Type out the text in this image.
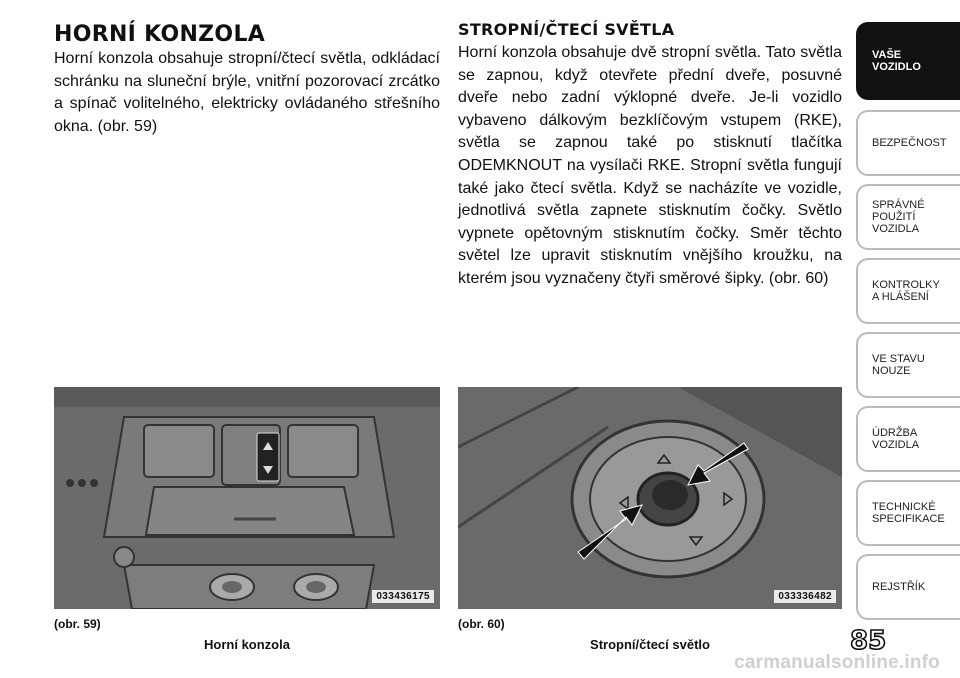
HORNÍ KONZOLA

Horní konzola obsahuje stropní/čtecí světla, odkládací schránku na sluneční brýle, vnitřní pozorovací zrcátko a spínač volitelného, elektricky ovládaného střešního okna. (obr. 59)

STROPNÍ/ČTECÍ SVĚTLA

Horní konzola obsahuje dvě stropní světla. Tato světla se zapnou, když otevřete přední dveře, posuvné dveře nebo zadní výklopné dveře. Je-li vozidlo vybaveno dálkovým bezklíčovým vstupem (RKE), světla se zapnou také po stisknutí tlačítka ODEMKNOUT na vysílači RKE. Stropní světla fungují také jako čtecí světla. Když se nacházíte ve vozidle, jednotlivá světla zapnete stisknutím čočky. Světlo vypnete opětovným stisknutím čočky. Směr těchto světel lze upravit stisknutím vnějšího kroužku, na kterém jsou vyznačeny čtyři směrové šipky. (obr. 60)

033436175	033336482
(obr. 59)
Horní konzola
(obr. 60)
Stropní/čtecí světlo	85
VAŠE
VOZIDLO
BEZPEČNOST
SPRÁVNÉ
POUŽITÍ
VOZIDLA
KONTROLKY
A HLÁŠENÍ
VE STAVU
NOUZE
ÚDRŽBA
VOZIDLA
TECHNICKÉ
SPECIFIKACE
REJSTŘÍK
carmanualsonline.info
